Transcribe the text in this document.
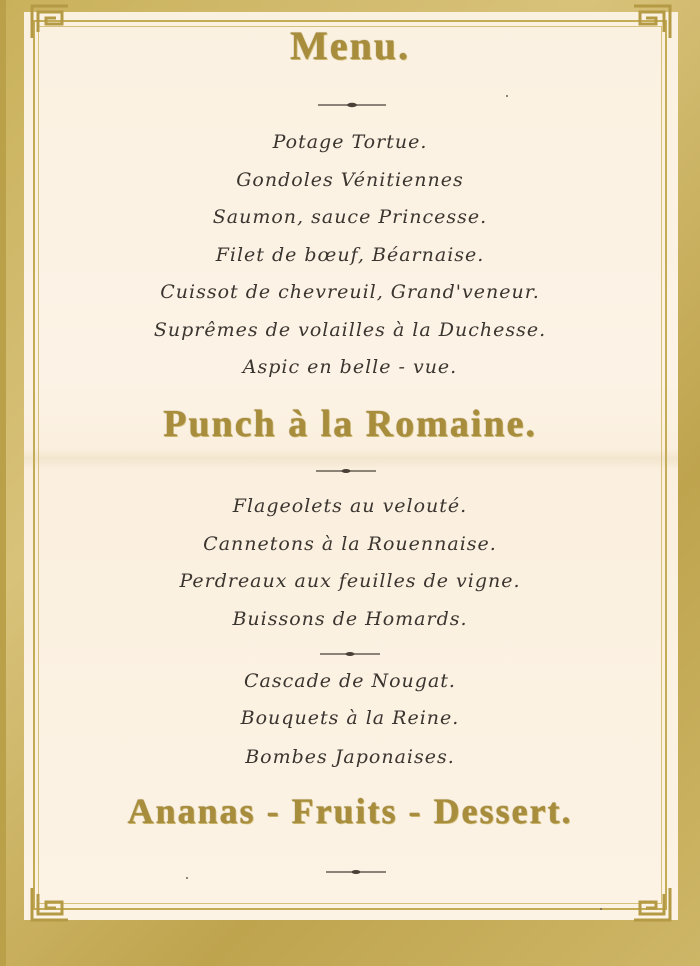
Menu.
Potage Tortue.
Gondoles Vénitiennes
Saumon, sauce Princesse.
Filet de bœuf, Béarnaise.
Cuissot de chevreuil, Grand'veneur.
Suprêmes de volailles à la Duchesse.
Aspic en belle - vue.
Punch à la Romaine.
Flageolets au velouté.
Cannetons à la Rouennaise.
Perdreaux aux feuilles de vigne.
Buissons de Homards.
Cascade de Nougat.
Bouquets à la Reine.
Bombes Japonaises.
Ananas - Fruits - Dessert.
